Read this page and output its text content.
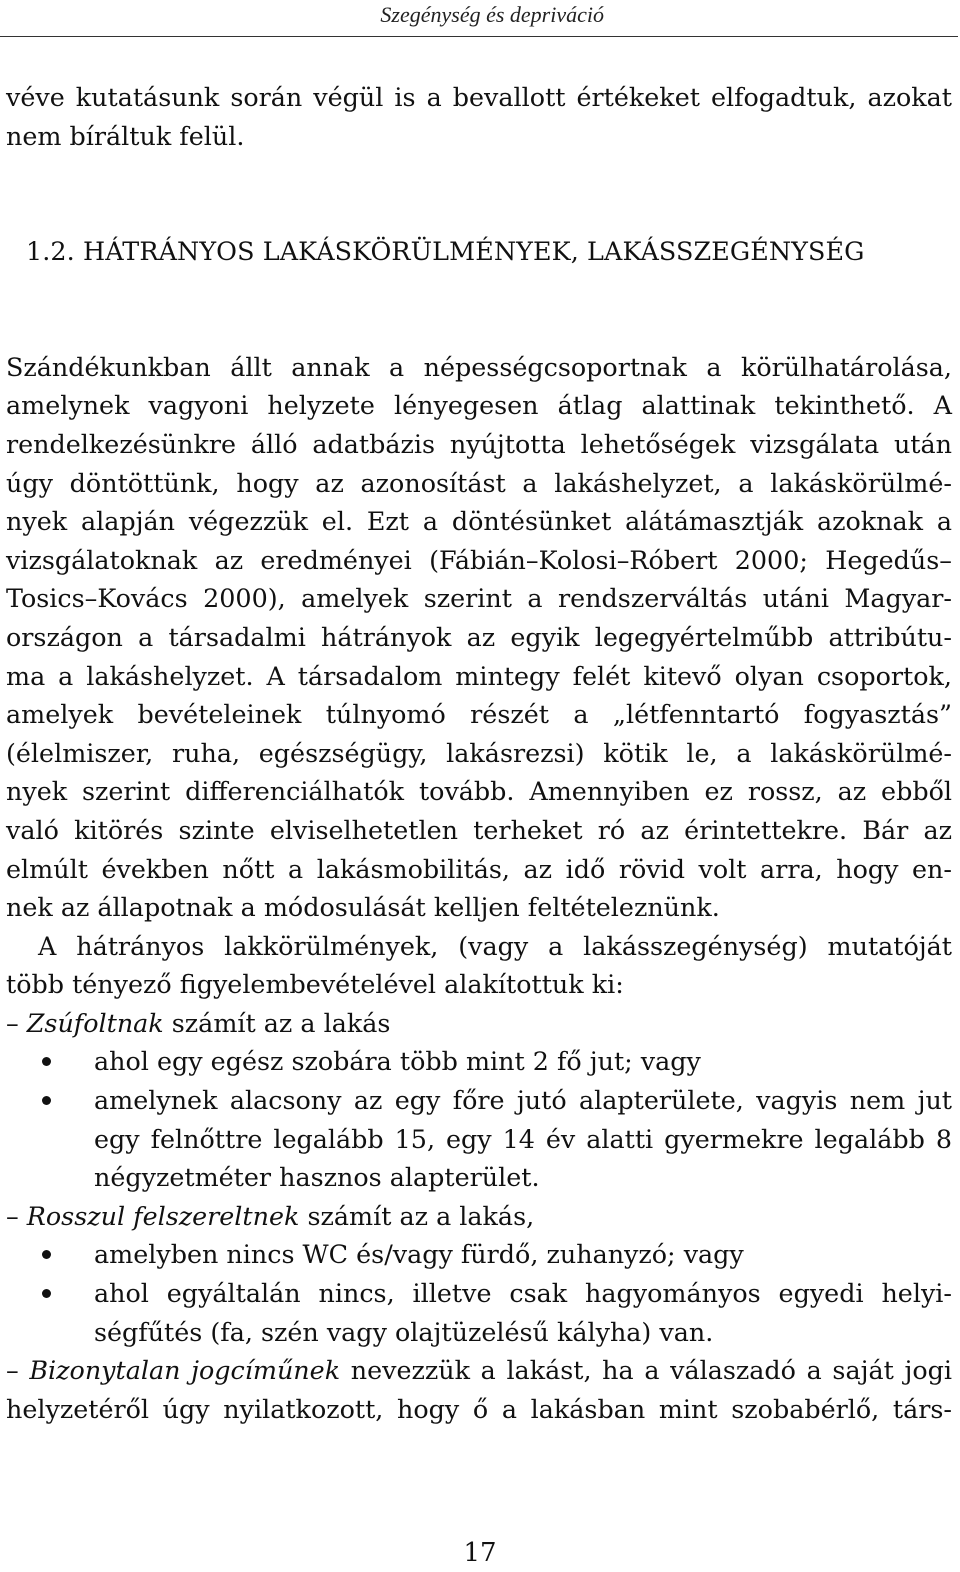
Szegénység és depriváció
véve kutatásunk során végül is a bevallott értékeket elfogadtuk, azokat
nem bíráltuk felül.
1.2. HÁTRÁNYOS LAKÁSKÖRÜLMÉNYEK, LAKÁSSZEGÉNYSÉG
Szándékunkban állt annak a népességcsoportnak a körülhatárolása,
amelynek vagyoni helyzete lényegesen átlag alattinak tekinthető. A
rendelkezésünkre álló adatbázis nyújtotta lehetőségek vizsgálata után
úgy döntöttünk, hogy az azonosítást a lakáshelyzet, a lakáskörülmé-
nyek alapján végezzük el. Ezt a döntésünket alátámasztják azoknak a
vizsgálatoknak az eredményei (Fábián–Kolosi–Róbert 2000; Hegedűs–
Tosics–Kovács 2000), amelyek szerint a rendszerváltás utáni Magyar-
országon a társadalmi hátrányok az egyik legegyértelműbb attribútu-
ma a lakáshelyzet. A társadalom mintegy felét kitevő olyan csoportok,
amelyek bevételeinek túlnyomó részét a „létfenntartó fogyasztás”
(élelmiszer, ruha, egészségügy, lakásrezsi) kötik le, a lakáskörülmé-
nyek szerint differenciálhatók tovább. Amennyiben ez rossz, az ebből
való kitörés szinte elviselhetetlen terheket ró az érintettekre. Bár az
elmúlt években nőtt a lakásmobilitás, az idő rövid volt arra, hogy en-
nek az állapotnak a módosulását kelljen feltételeznünk.
A hátrányos lakkörülmények, (vagy a lakásszegénység) mutatóját
több tényező figyelembevételével alakítottuk ki:
– Zsúfoltnak számít az a lakás
ahol egy egész szobára több mint 2 fő jut; vagy
amelynek alacsony az egy főre jutó alapterülete, vagyis nem jut
egy felnőttre legalább 15, egy 14 év alatti gyermekre legalább 8
négyzetméter hasznos alapterület.
– Rosszul felszereltnek számít az a lakás,
amelyben nincs WC és/vagy fürdő, zuhanyzó; vagy
ahol egyáltalán nincs, illetve csak hagyományos egyedi helyi-
ségfűtés (fa, szén vagy olajtüzelésű kályha) van.
– Bizonytalan jogcíműnek nevezzük a lakást, ha a válaszadó a saját jogi
helyzetéről úgy nyilatkozott, hogy ő a lakásban mint szobabérlő, társ-
17
